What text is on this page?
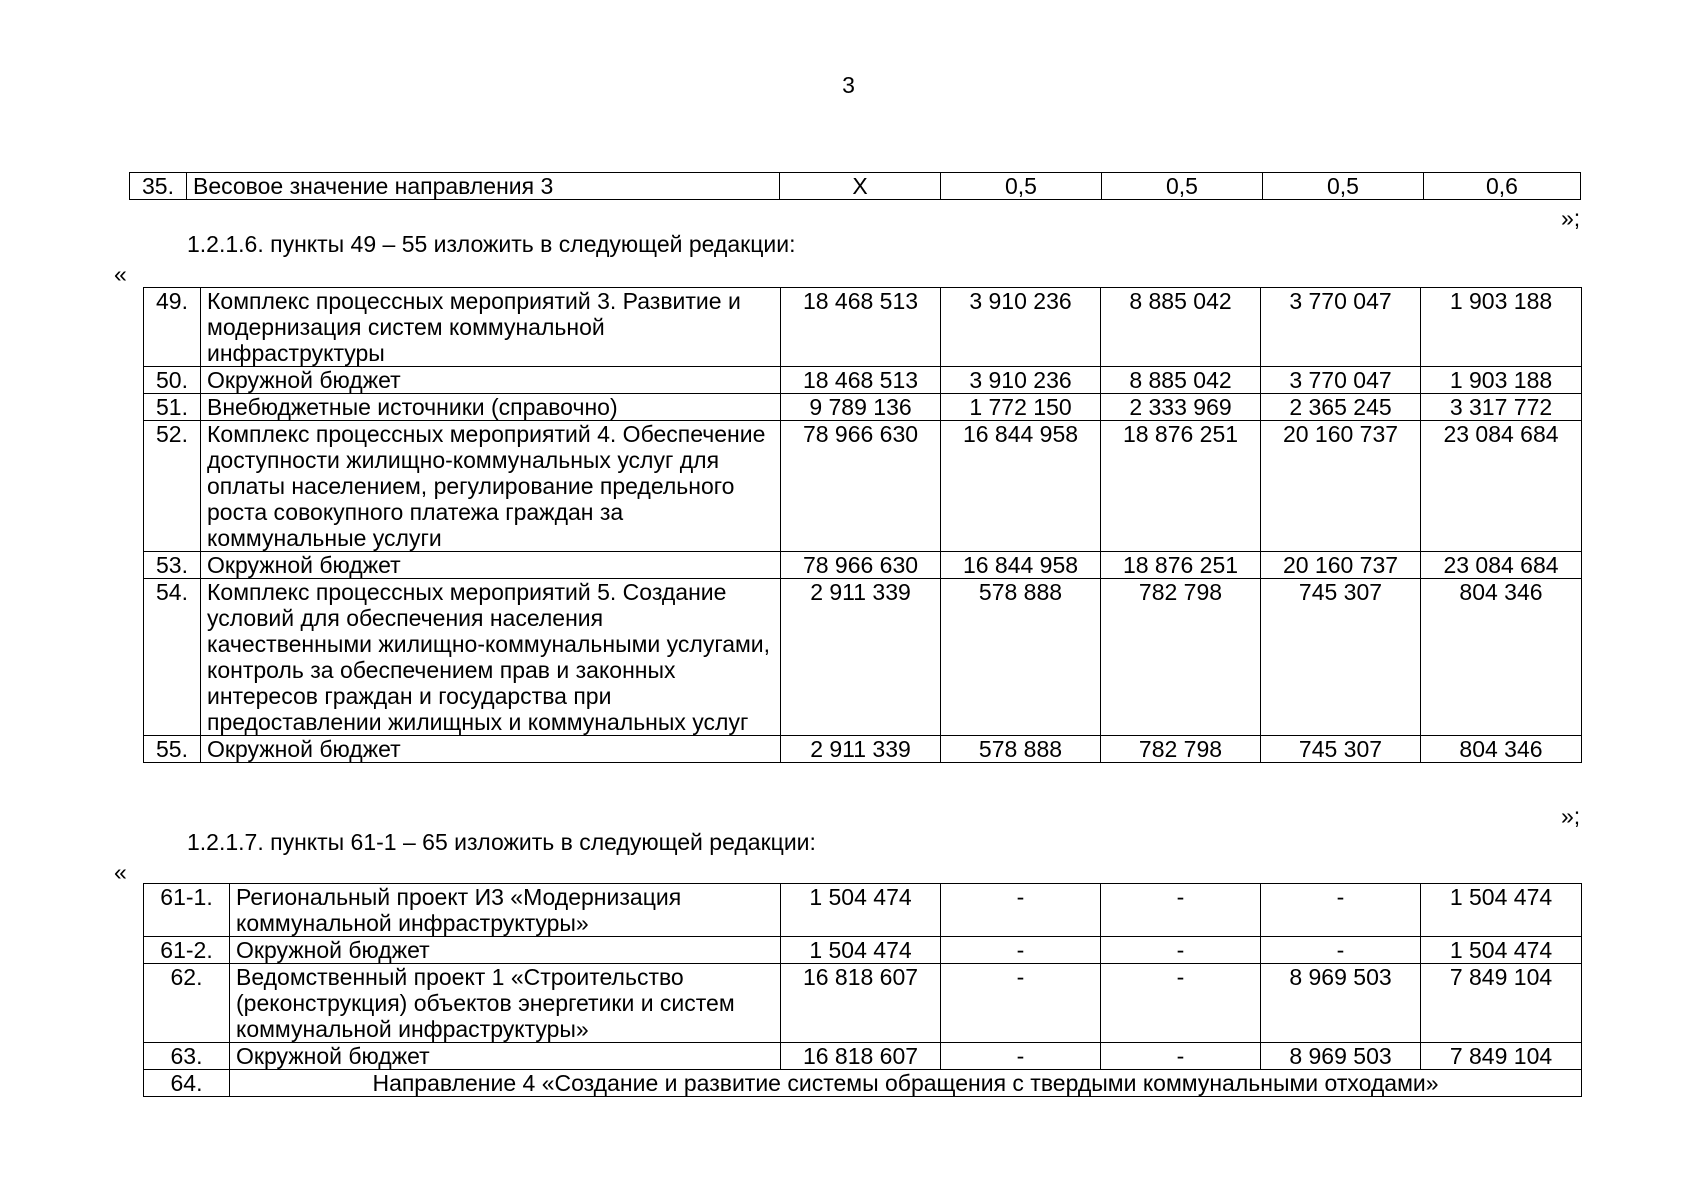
3
35.	Весовое значение направления 3	Х	0,5	0,5	0,5	0,6
»;
1.2.1.6. пункты 49 – 55 изложить в следующей редакции:
«
49.	Комплекс процессных мероприятий 3. Развитие и модернизация систем коммунальной инфраструктуры	18 468 513	3 910 236	8 885 042	3 770 047	1 903 188
50.	Окружной бюджет	18 468 513	3 910 236	8 885 042	3 770 047	1 903 188
51.	Внебюджетные источники (справочно)	9 789 136	1 772 150	2 333 969	2 365 245	3 317 772
52.	Комплекс процессных мероприятий 4. Обеспечение доступности жилищно-коммунальных услуг для оплаты населением, регулирование предельного роста совокупного платежа граждан за коммунальные услуги	78 966 630	16 844 958	18 876 251	20 160 737	23 084 684
53.	Окружной бюджет	78 966 630	16 844 958	18 876 251	20 160 737	23 084 684
54.	Комплекс процессных мероприятий 5. Создание условий для обеспечения населения качественными жилищно-коммунальными услугами, контроль за обеспечением прав и законных интересов граждан и государства при предоставлении жилищных и коммунальных услуг	2 911 339	578 888	782 798	745 307	804 346
55.	Окружной бюджет	2 911 339	578 888	782 798	745 307	804 346
»;
1.2.1.7. пункты 61-1 – 65 изложить в следующей редакции:
«
61-1.	Региональный проект И3 «Модернизация коммунальной инфраструктуры»	1 504 474	-	-	-	1 504 474
61-2.	Окружной бюджет	1 504 474	-	-	-	1 504 474
62.	Ведомственный проект 1 «Строительство (реконструкция) объектов энергетики и систем коммунальной инфраструктуры»	16 818 607	-	-	8 969 503	7 849 104
63.	Окружной бюджет	16 818 607	-	-	8 969 503	7 849 104
64.	Направление 4 «Создание и развитие системы обращения с твердыми коммунальными отходами»					
